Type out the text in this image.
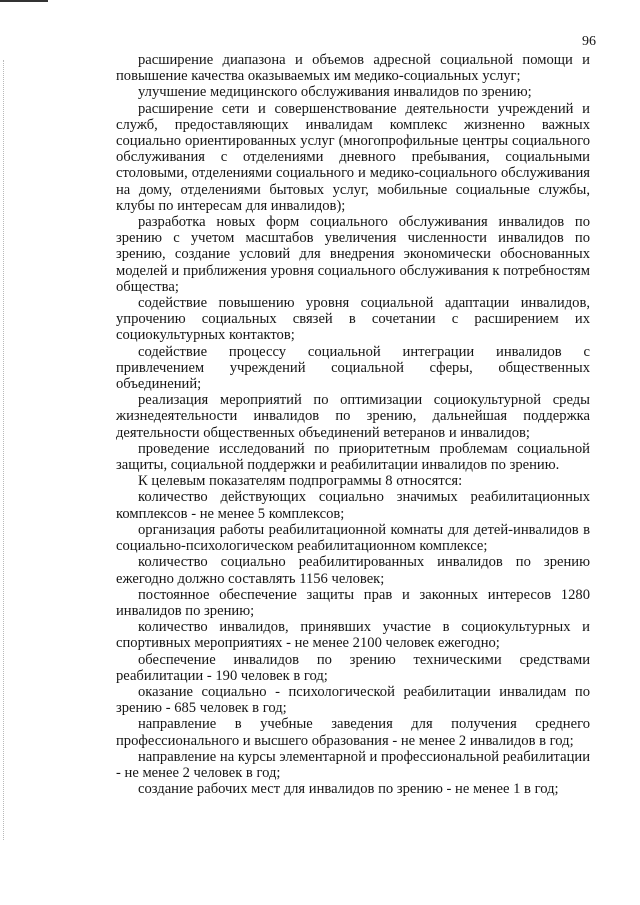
96

расширение диапазона и объемов адресной социальной помощи и повышение качества оказываемых им медико-социальных услуг;

улучшение медицинского обслуживания инвалидов по зрению;

расширение сети и совершенствование деятельности учреждений и служб, предоставляющих инвалидам комплекс жизненно важных социально ориентированных услуг (многопрофильные центры социального обслуживания с отделениями дневного пребывания, социальными столовыми, отделениями социального и медико-социального обслуживания на дому, отделениями бытовых услуг, мобильные социальные службы, клубы по интересам для инвалидов);

разработка новых форм социального обслуживания инвалидов по зрению с учетом масштабов увеличения численности инвалидов по зрению, создание условий для внедрения экономически обоснованных моделей и приближения уровня социального обслуживания к потребностям общества;

содействие повышению уровня социальной адаптации инвалидов, упрочению социальных связей в сочетании с расширением их социокультурных контактов;

содействие процессу социальной интеграции инвалидов с привлечением учреждений социальной сферы, общественных объединений;

реализация мероприятий по оптимизации социокультурной среды жизнедеятельности инвалидов по зрению, дальнейшая поддержка деятельности общественных объединений ветеранов и инвалидов;

проведение исследований по приоритетным проблемам социальной защиты, социальной поддержки и реабилитации инвалидов по зрению.

К целевым показателям подпрограммы 8 относятся:

количество действующих социально значимых реабилитационных комплексов - не менее 5 комплексов;

организация работы реабилитационной комнаты для детей-инвалидов в социально-психологическом реабилитационном комплексе;

количество социально реабилитированных инвалидов по зрению ежегодно должно составлять 1156 человек;

постоянное обеспечение защиты прав и законных интересов 1280 инвалидов по зрению;

количество инвалидов, принявших участие в социокультурных и спортивных мероприятиях - не менее 2100 человек ежегодно;

обеспечение инвалидов по зрению техническими средствами реабилитации - 190 человек в год;

оказание социально - психологической реабилитации инвалидам по зрению - 685 человек в год;

направление в учебные заведения для получения среднего профессионального и высшего образования - не менее 2 инвалидов в год;

направление на курсы элементарной и профессиональной реабилитации - не менее 2 человек в год;

создание рабочих мест для инвалидов по зрению - не менее 1 в год;
